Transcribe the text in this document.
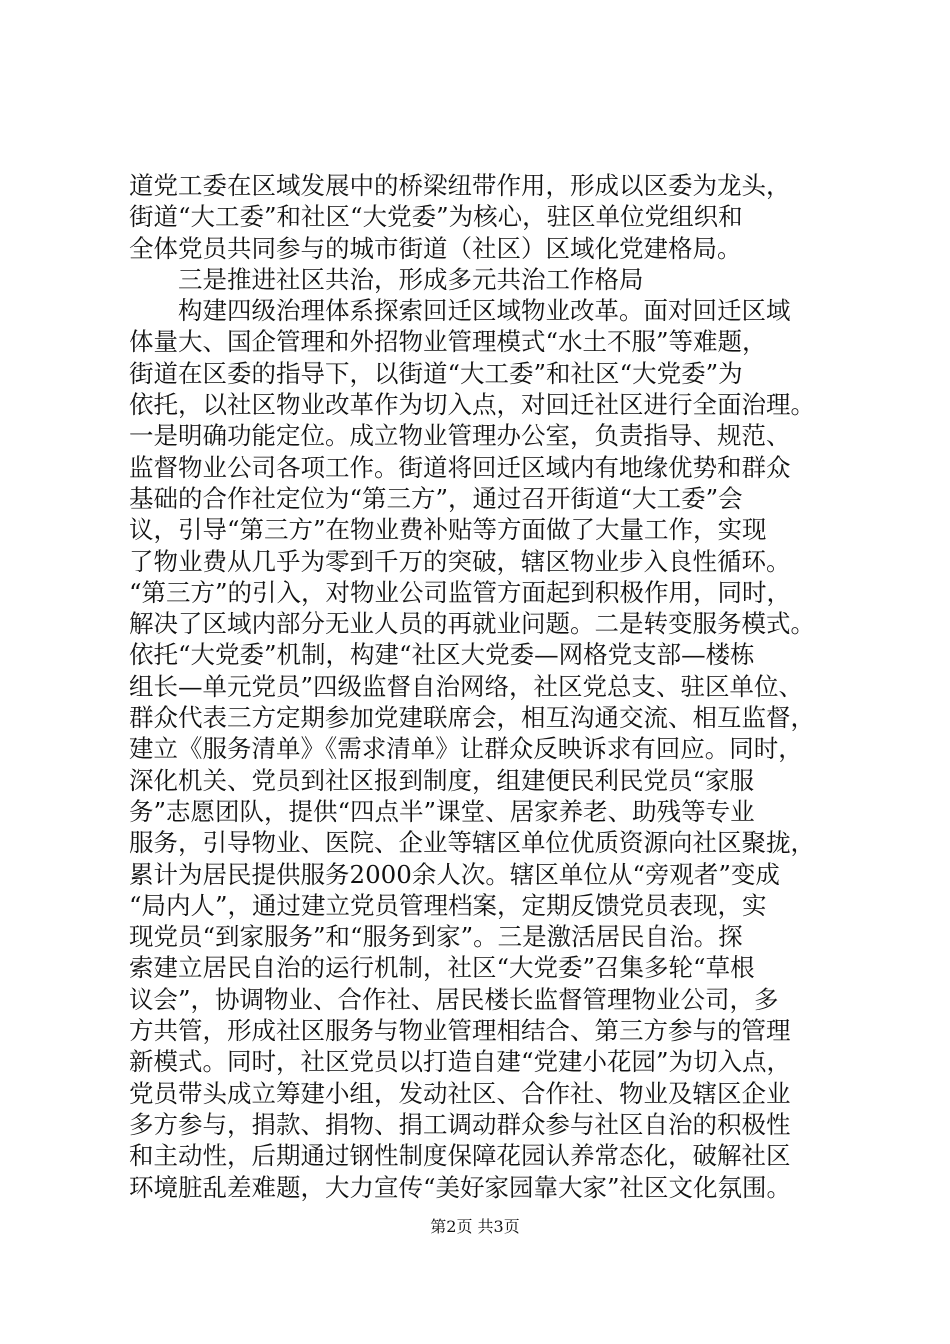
道党工委在区域发展中的桥梁纽带作用，形成以区委为龙头，
街道“大工委”和社区“大党委”为核心，驻区单位党组织和
全体党员共同参与的城市街道（社区）区域化党建格局。
　　三是推进社区共治，形成多元共治工作格局
　　构建四级治理体系探索回迁区域物业改革。面对回迁区域
体量大、国企管理和外招物业管理模式“水土不服”等难题，
街道在区委的指导下，以街道“大工委”和社区“大党委”为
依托，以社区物业改革作为切入点，对回迁社区进行全面治理。
一是明确功能定位。成立物业管理办公室，负责指导、规范、
监督物业公司各项工作。街道将回迁区域内有地缘优势和群众
基础的合作社定位为“第三方”，通过召开街道“大工委”会
议，引导“第三方”在物业费补贴等方面做了大量工作，实现
了物业费从几乎为零到千万的突破，辖区物业步入良性循环。
“第三方”的引入，对物业公司监管方面起到积极作用，同时，
解决了区域内部分无业人员的再就业问题。二是转变服务模式。
依托“大党委”机制，构建“社区大党委—网格党支部—楼栋
组长—单元党员”四级监督自治网络，社区党总支、驻区单位、
群众代表三方定期参加党建联席会，相互沟通交流、相互监督，
建立《服务清单》《需求清单》让群众反映诉求有回应。同时，
深化机关、党员到社区报到制度，组建便民利民党员“家服
务”志愿团队，提供“四点半”课堂、居家养老、助残等专业
服务，引导物业、医院、企业等辖区单位优质资源向社区聚拢，
累计为居民提供服务2000余人次。辖区单位从“旁观者”变成
“局内人”，通过建立党员管理档案，定期反馈党员表现，实
现党员“到家服务”和“服务到家”。三是激活居民自治。探
索建立居民自治的运行机制，社区“大党委”召集多轮“草根
议会”，协调物业、合作社、居民楼长监督管理物业公司，多
方共管，形成社区服务与物业管理相结合、第三方参与的管理
新模式。同时，社区党员以打造自建“党建小花园”为切入点，
党员带头成立筹建小组，发动社区、合作社、物业及辖区企业
多方参与，捐款、捐物、捐工调动群众参与社区自治的积极性
和主动性，后期通过钢性制度保障花园认养常态化，破解社区
环境脏乱差难题，大力宣传“美好家园靠大家”社区文化氛围。
第2页 共3页
